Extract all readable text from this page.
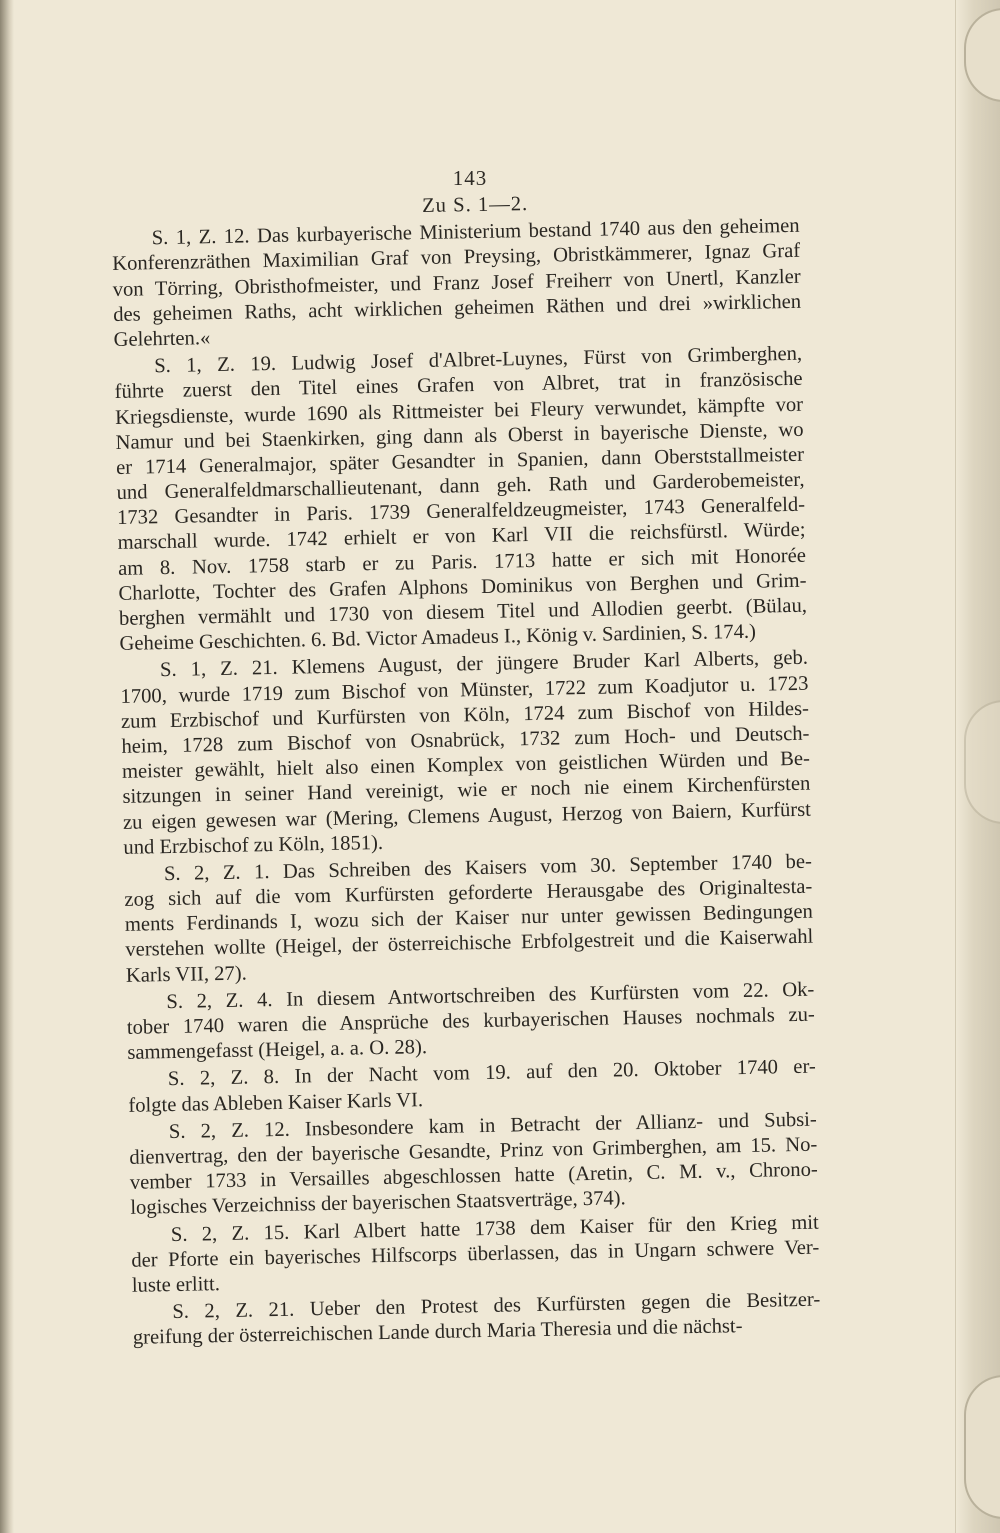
143
Zu S. 1—2.
S. 1, Z. 12. Das kurbayerische Ministerium bestand 1740 aus den geheimen
Konferenzräthen Maximilian Graf von Preysing, Obristkämmerer, Ignaz Graf
von Törring, Obristhofmeister, und Franz Josef Freiherr von Unertl, Kanzler
des geheimen Raths, acht wirklichen geheimen Räthen und drei »wirklichen
Gelehrten.«
S. 1, Z. 19. Ludwig Josef d'Albret-Luynes, Fürst von Grimberghen,
führte zuerst den Titel eines Grafen von Albret, trat in französische
Kriegsdienste, wurde 1690 als Rittmeister bei Fleury verwundet, kämpfte vor
Namur und bei Staenkirken, ging dann als Oberst in bayerische Dienste, wo
er 1714 Generalmajor, später Gesandter in Spanien, dann Oberststallmeister
und Generalfeldmarschallieutenant, dann geh. Rath und Garderobemeister,
1732 Gesandter in Paris. 1739 Generalfeldzeugmeister, 1743 Generalfeld-
marschall wurde. 1742 erhielt er von Karl VII die reichsfürstl. Würde;
am 8. Nov. 1758 starb er zu Paris. 1713 hatte er sich mit Honorée
Charlotte, Tochter des Grafen Alphons Dominikus von Berghen und Grim-
berghen vermählt und 1730 von diesem Titel und Allodien geerbt. (Bülau,
Geheime Geschichten. 6. Bd. Victor Amadeus I., König v. Sardinien, S. 174.)
S. 1, Z. 21. Klemens August, der jüngere Bruder Karl Alberts, geb.
1700, wurde 1719 zum Bischof von Münster, 1722 zum Koadjutor u. 1723
zum Erzbischof und Kurfürsten von Köln, 1724 zum Bischof von Hildes-
heim, 1728 zum Bischof von Osnabrück, 1732 zum Hoch- und Deutsch-
meister gewählt, hielt also einen Komplex von geistlichen Würden und Be-
sitzungen in seiner Hand vereinigt, wie er noch nie einem Kirchenfürsten
zu eigen gewesen war (Mering, Clemens August, Herzog von Baiern, Kurfürst
und Erzbischof zu Köln, 1851).
S. 2, Z. 1. Das Schreiben des Kaisers vom 30. September 1740 be-
zog sich auf die vom Kurfürsten geforderte Herausgabe des Originaltesta-
ments Ferdinands I, wozu sich der Kaiser nur unter gewissen Bedingungen
verstehen wollte (Heigel, der österreichische Erbfolgestreit und die Kaiserwahl
Karls VII, 27).
S. 2, Z. 4. In diesem Antwortschreiben des Kurfürsten vom 22. Ok-
tober 1740 waren die Ansprüche des kurbayerischen Hauses nochmals zu-
sammengefasst (Heigel, a. a. O. 28).
S. 2, Z. 8. In der Nacht vom 19. auf den 20. Oktober 1740 er-
folgte das Ableben Kaiser Karls VI.
S. 2, Z. 12. Insbesondere kam in Betracht der Allianz- und Subsi-
dienvertrag, den der bayerische Gesandte, Prinz von Grimberghen, am 15. No-
vember 1733 in Versailles abgeschlossen hatte (Aretin, C. M. v., Chrono-
logisches Verzeichniss der bayerischen Staatsverträge, 374).
S. 2, Z. 15. Karl Albert hatte 1738 dem Kaiser für den Krieg mit
der Pforte ein bayerisches Hilfscorps überlassen, das in Ungarn schwere Ver-
luste erlitt.
S. 2, Z. 21. Ueber den Protest des Kurfürsten gegen die Besitzer-
greifung der österreichischen Lande durch Maria Theresia und die nächst-
